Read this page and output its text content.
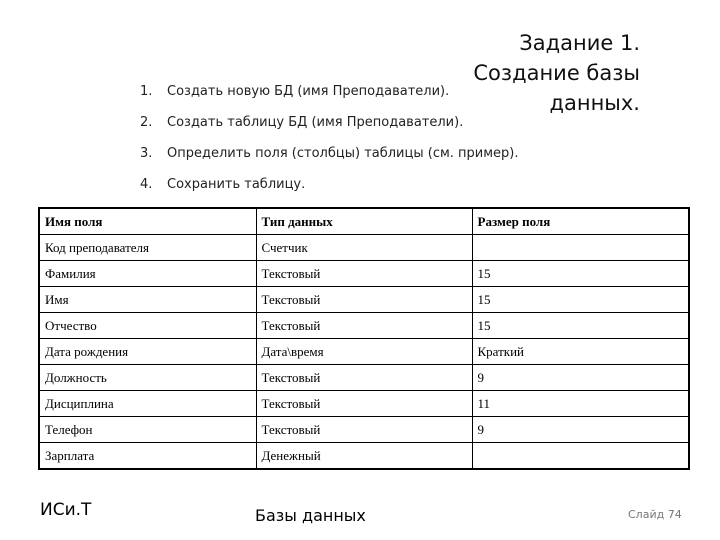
Задание 1.
Создание базы данных.
1.	Создать новую БД (имя Преподаватели).
2.	Создать таблицу БД (имя Преподаватели).
3.	Определить поля (столбцы) таблицы (см. пример).
4.	Сохранить таблицу.
Имя поля	Тип данных	Размер поля
Код преподавателя	Счетчик	
Фамилия	Текстовый	15
Имя	Текстовый	15
Отчество	Текстовый	15
Дата рождения	Дата\время	Краткий
Должность	Текстовый	9
Дисциплина	Текстовый	11
Телефон	Текстовый	9
Зарплата	Денежный	
ИСи.Т	Базы данных	Слайд 74
